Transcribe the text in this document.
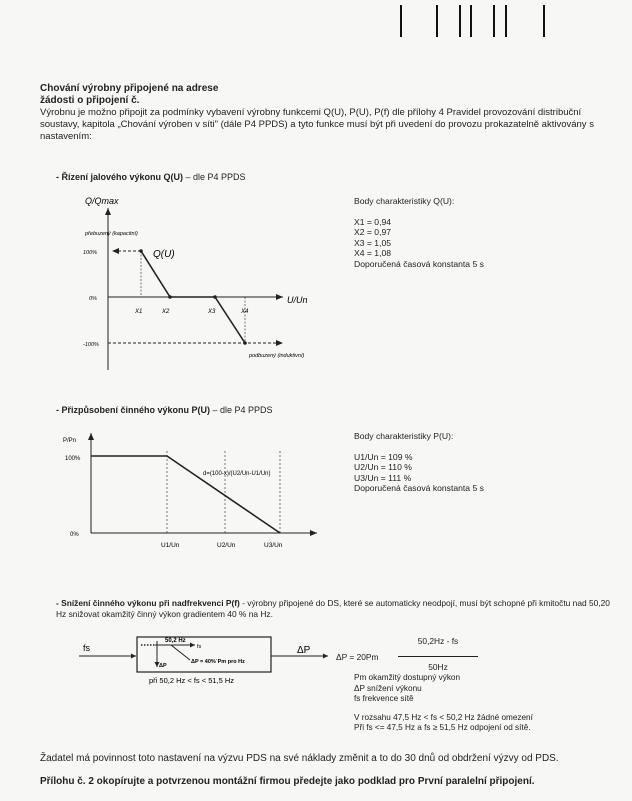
Chování výrobny připojené na adrese
žádosti o připojení č.
Výrobnu je možno připojit za podmínky vybavení výrobny funkcemi Q(U), P(U), P(f) dle přílohy 4 Pravidel provozování distribuční soustavy, kapitola „Chování výroben v síti" (dále P4 PPDS) a tyto funkce musí být při uvedení do provozu prokazatelně aktivovány s nastavením:
- Řízení jalového výkonu Q(U) – dle P4 PPDS
Q/Qmax
U/Un
přebuzený (kapacitní)
podbuzený (induktivní)
Q(U)
100%
0%
-100%
X1	X2	X3	X4
Body charakteristiky Q(U):
X1 = 0,94
X2 = 0,97
X3 = 1,05
X4 = 1,08
Doporučená časová konstanta 5 s
- Přizpůsobení činného výkonu P(U) – dle P4 PPDS
P/Pn
100%
0%
U1/Un	U2/Un	U3/Un
d=(100-x)/(U2/Un-U1/Un)
Body charakteristiky P(U):
U1/Un = 109 %
U2/Un = 110 %
U3/Un = 111 %
Doporučená časová konstanta 5 s
- Snížení činného výkonu při nadfrekvenci P(f) - výrobny připojené do DS, které se automaticky neodpojí, musí být schopné při kmitočtu nad 50,20 Hz snižovat okamžitý činný výkon gradientem 40 % na Hz.
fs	ΔP
50,2 Hz
fs
ΔP
ΔP = 40%˙Pm pro Hz
při 50,2 Hz < fs < 51,5 Hz
ΔP = 20Pm
50,2Hz - fs
50Hz
Pm okamžitý dostupný výkon
ΔP snížení výkonu
fs frekvence sítě
V rozsahu 47,5 Hz < fs < 50,2 Hz žádné omezení
Při fs <= 47,5 Hz a fs ≥ 51,5 Hz odpojení od sítě.
Žadatel má povinnost toto nastavení na výzvu PDS na své náklady změnit a to do 30 dnů od obdržení výzvy od PDS.
Přílohu č. 2 okopírujte a potvrzenou montážní firmou předejte jako podklad pro První paralelní připojení.
